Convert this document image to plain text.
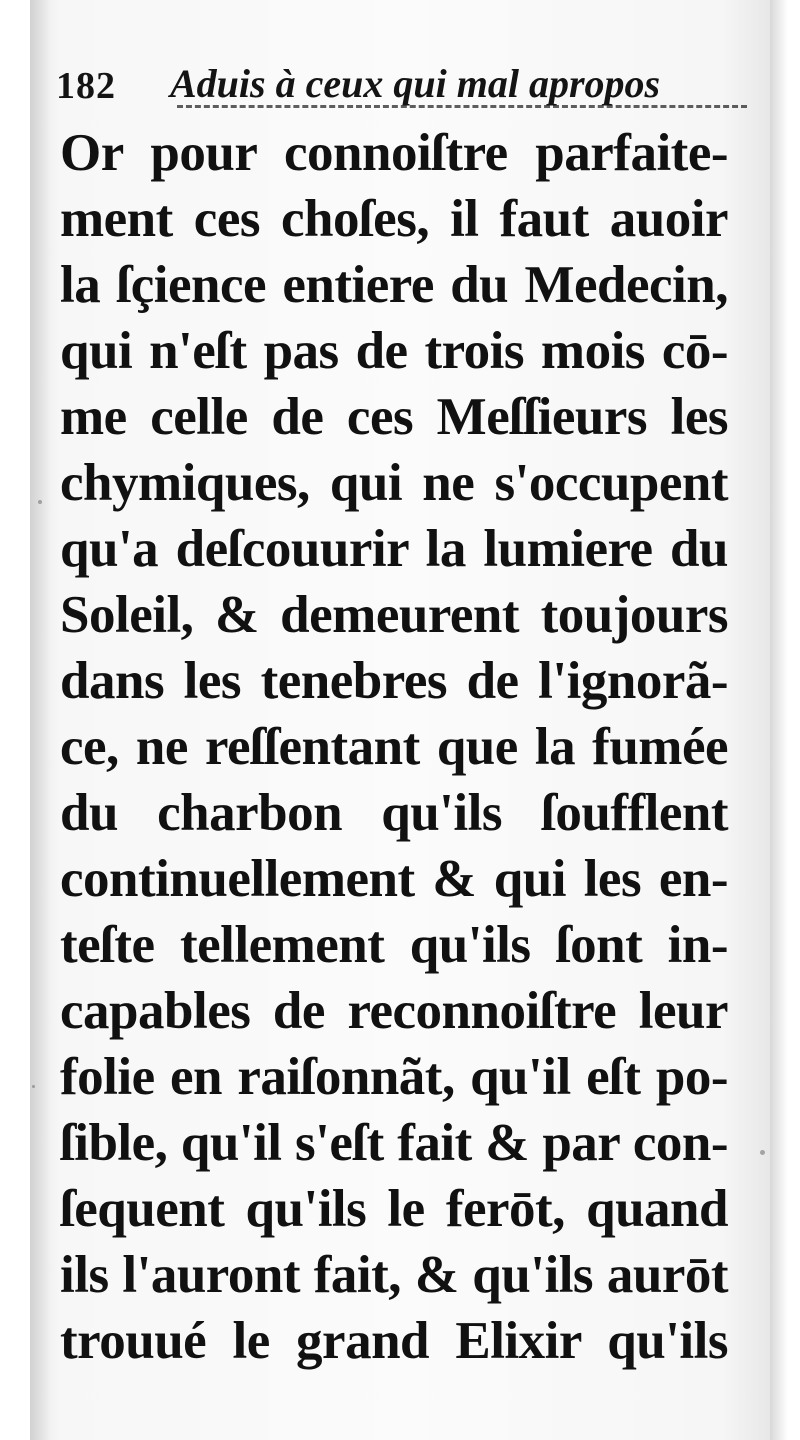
182 Aduis à ceux qui mal apropos
Or pour connoiſtre parfaite-
ment ces choſes, il faut auoir
la ſçience entiere du Medecin,
qui n'eſt pas de trois mois cō-
me celle de ces Meſſieurs les
chymiques, qui ne s'occupent
qu'a deſcouurir la lumiere du
Soleil, & demeurent toujours
dans les tenebres de l'ignorã-
ce, ne reſſentant que la fumée
du charbon qu'ils ſoufflent
continuellement & qui les en-
teſte tellement qu'ils ſont in-
capables de reconnoiſtre leur
folie en raiſonnãt, qu'il eſt po-
ſible, qu'il s'eſt fait & par con-
ſequent qu'ils le ferōt, quand
ils l'auront fait, & qu'ils aurōt
trouué le grand Elixir qu'ils
